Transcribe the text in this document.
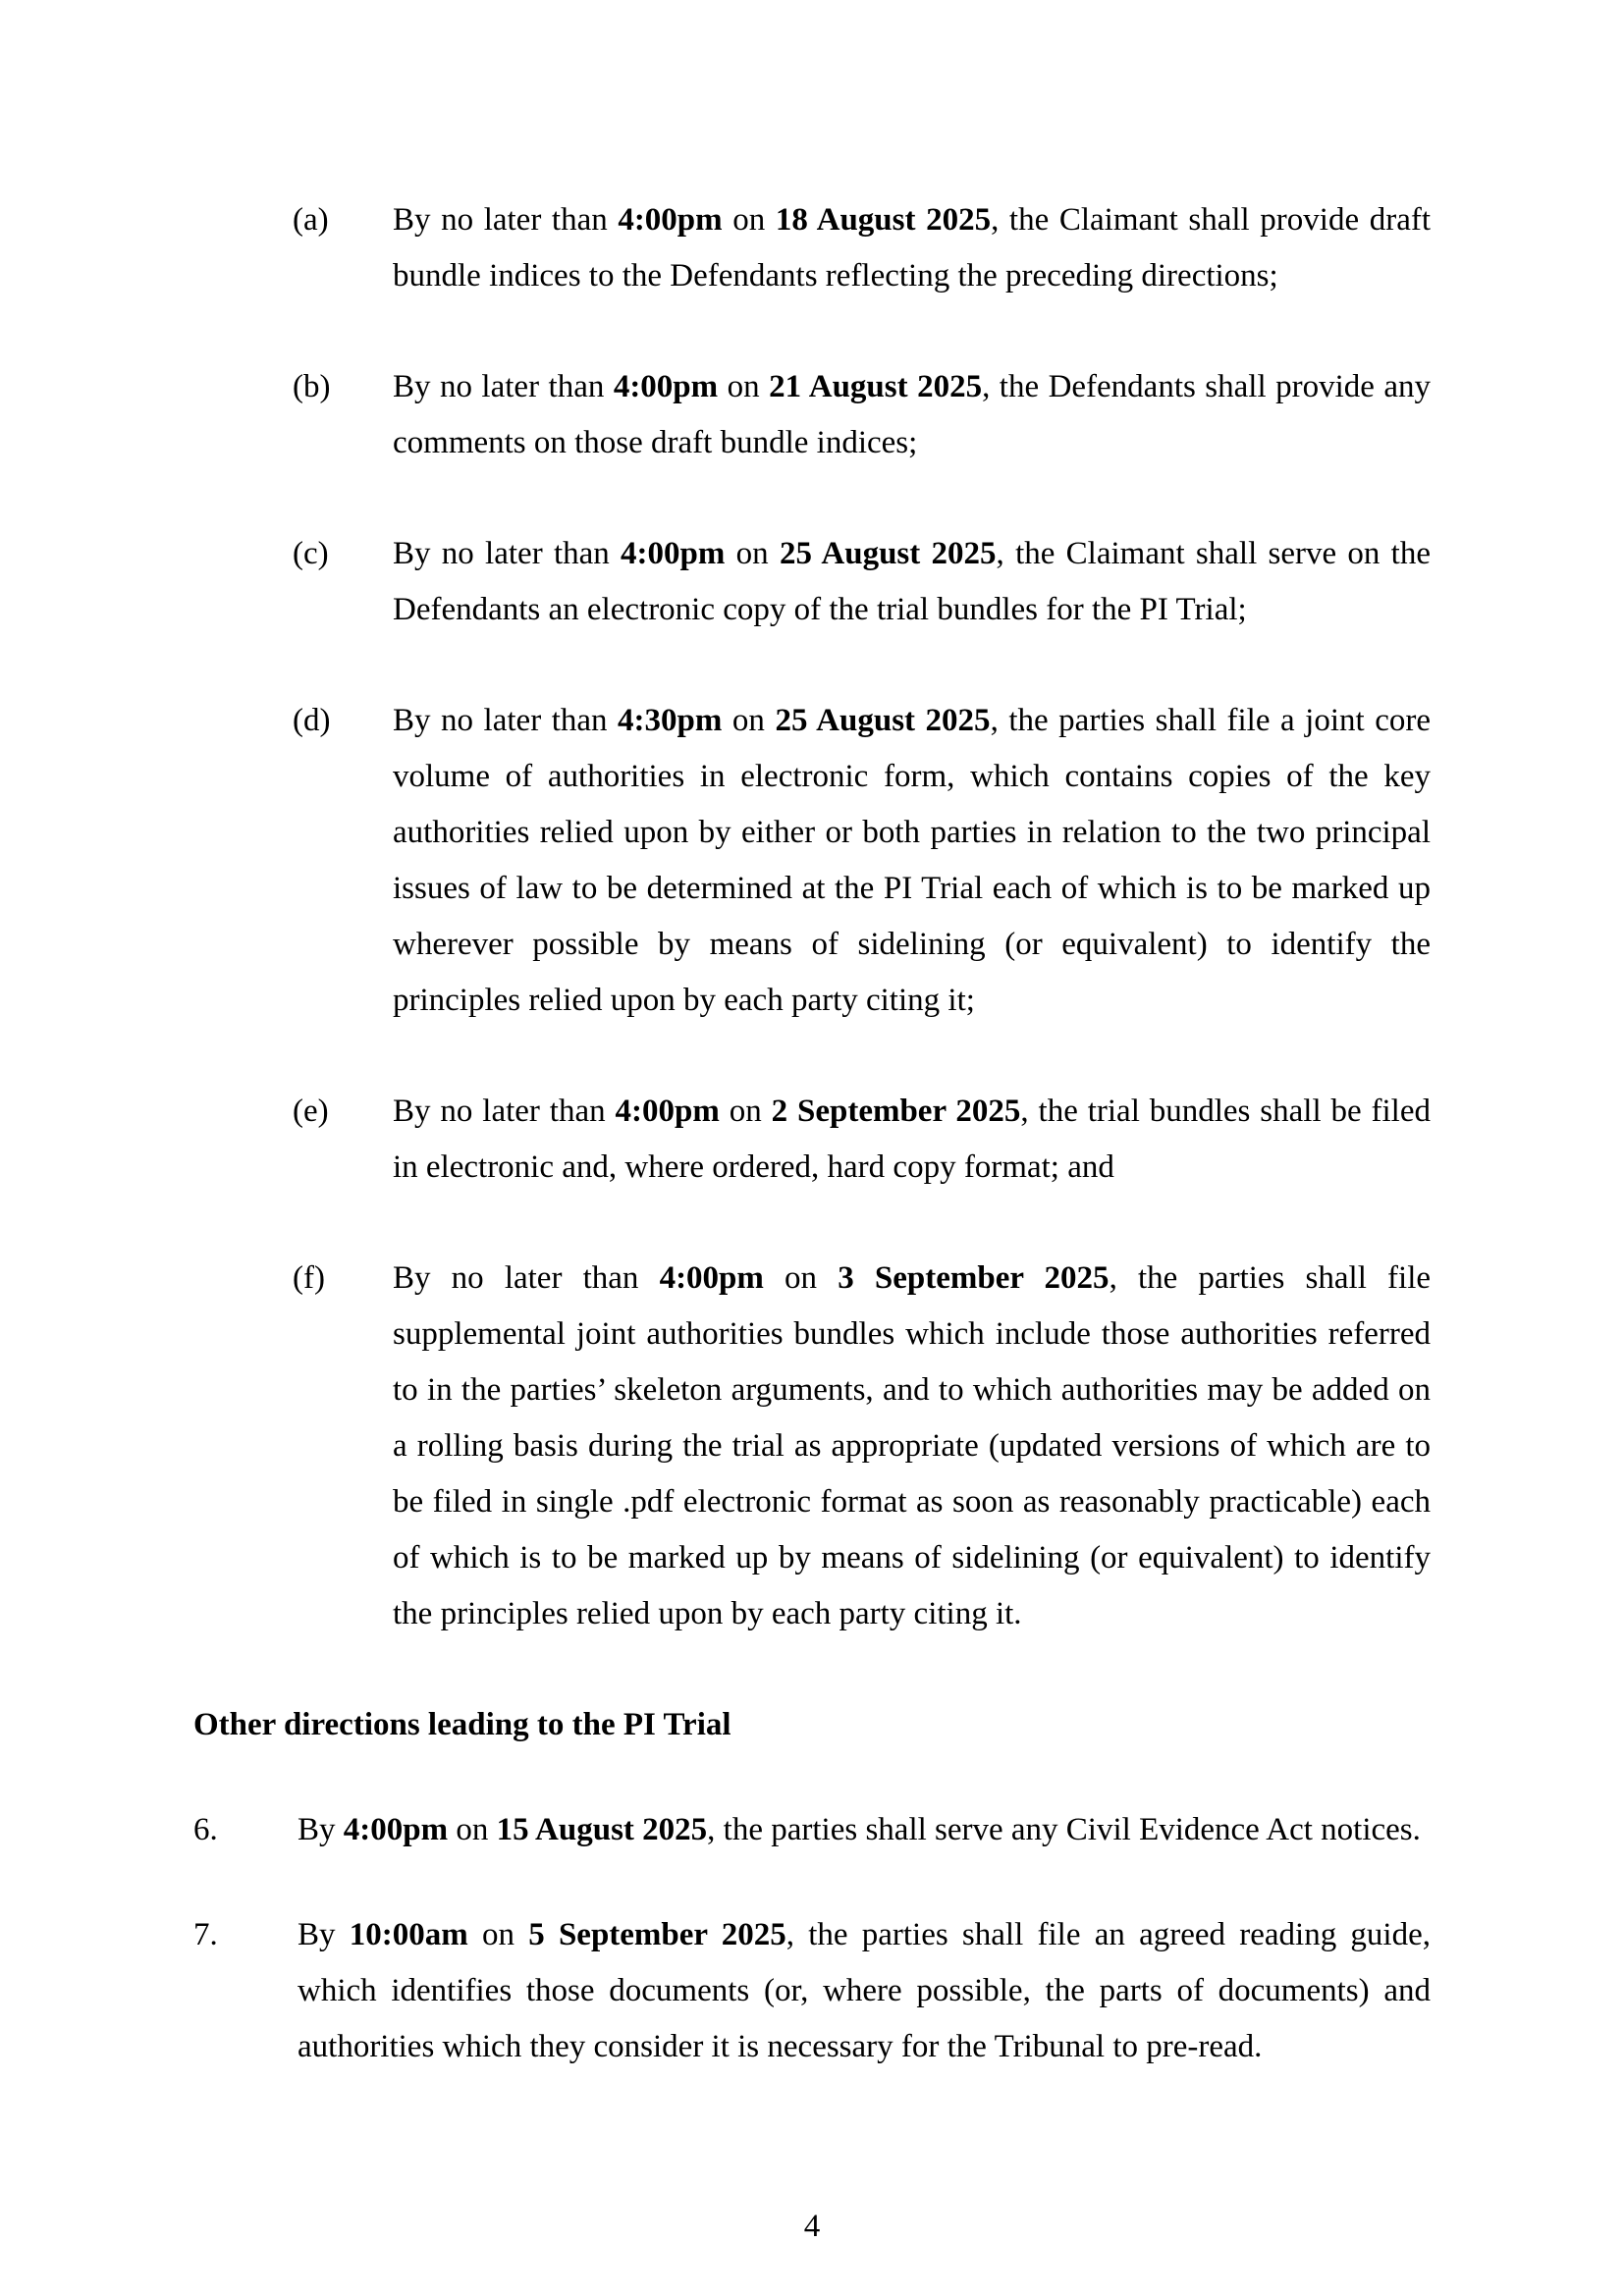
(a)	By no later than 4:00pm on 18 August 2025, the Claimant shall provide draft bundle indices to the Defendants reflecting the preceding directions;
(b)	By no later than 4:00pm on 21 August 2025, the Defendants shall provide any comments on those draft bundle indices;
(c)	By no later than 4:00pm on 25 August 2025, the Claimant shall serve on the Defendants an electronic copy of the trial bundles for the PI Trial;
(d)	By no later than 4:30pm on 25 August 2025, the parties shall file a joint core volume of authorities in electronic form, which contains copies of the key authorities relied upon by either or both parties in relation to the two principal issues of law to be determined at the PI Trial each of which is to be marked up wherever possible by means of sidelining (or equivalent) to identify the principles relied upon by each party citing it;
(e)	By no later than 4:00pm on 2 September 2025, the trial bundles shall be filed in electronic and, where ordered, hard copy format; and
(f)	By no later than 4:00pm on 3 September 2025, the parties shall file supplemental joint authorities bundles which include those authorities referred to in the parties’ skeleton arguments, and to which authorities may be added on a rolling basis during the trial as appropriate (updated versions of which are to be filed in single .pdf electronic format as soon as reasonably practicable) each of which is to be marked up by means of sidelining (or equivalent) to identify the principles relied upon by each party citing it.
Other directions leading to the PI Trial
6.	By 4:00pm on 15 August 2025, the parties shall serve any Civil Evidence Act notices.
7.	By 10:00am on 5 September 2025, the parties shall file an agreed reading guide, which identifies those documents (or, where possible, the parts of documents) and authorities which they consider it is necessary for the Tribunal to pre-read.
4
